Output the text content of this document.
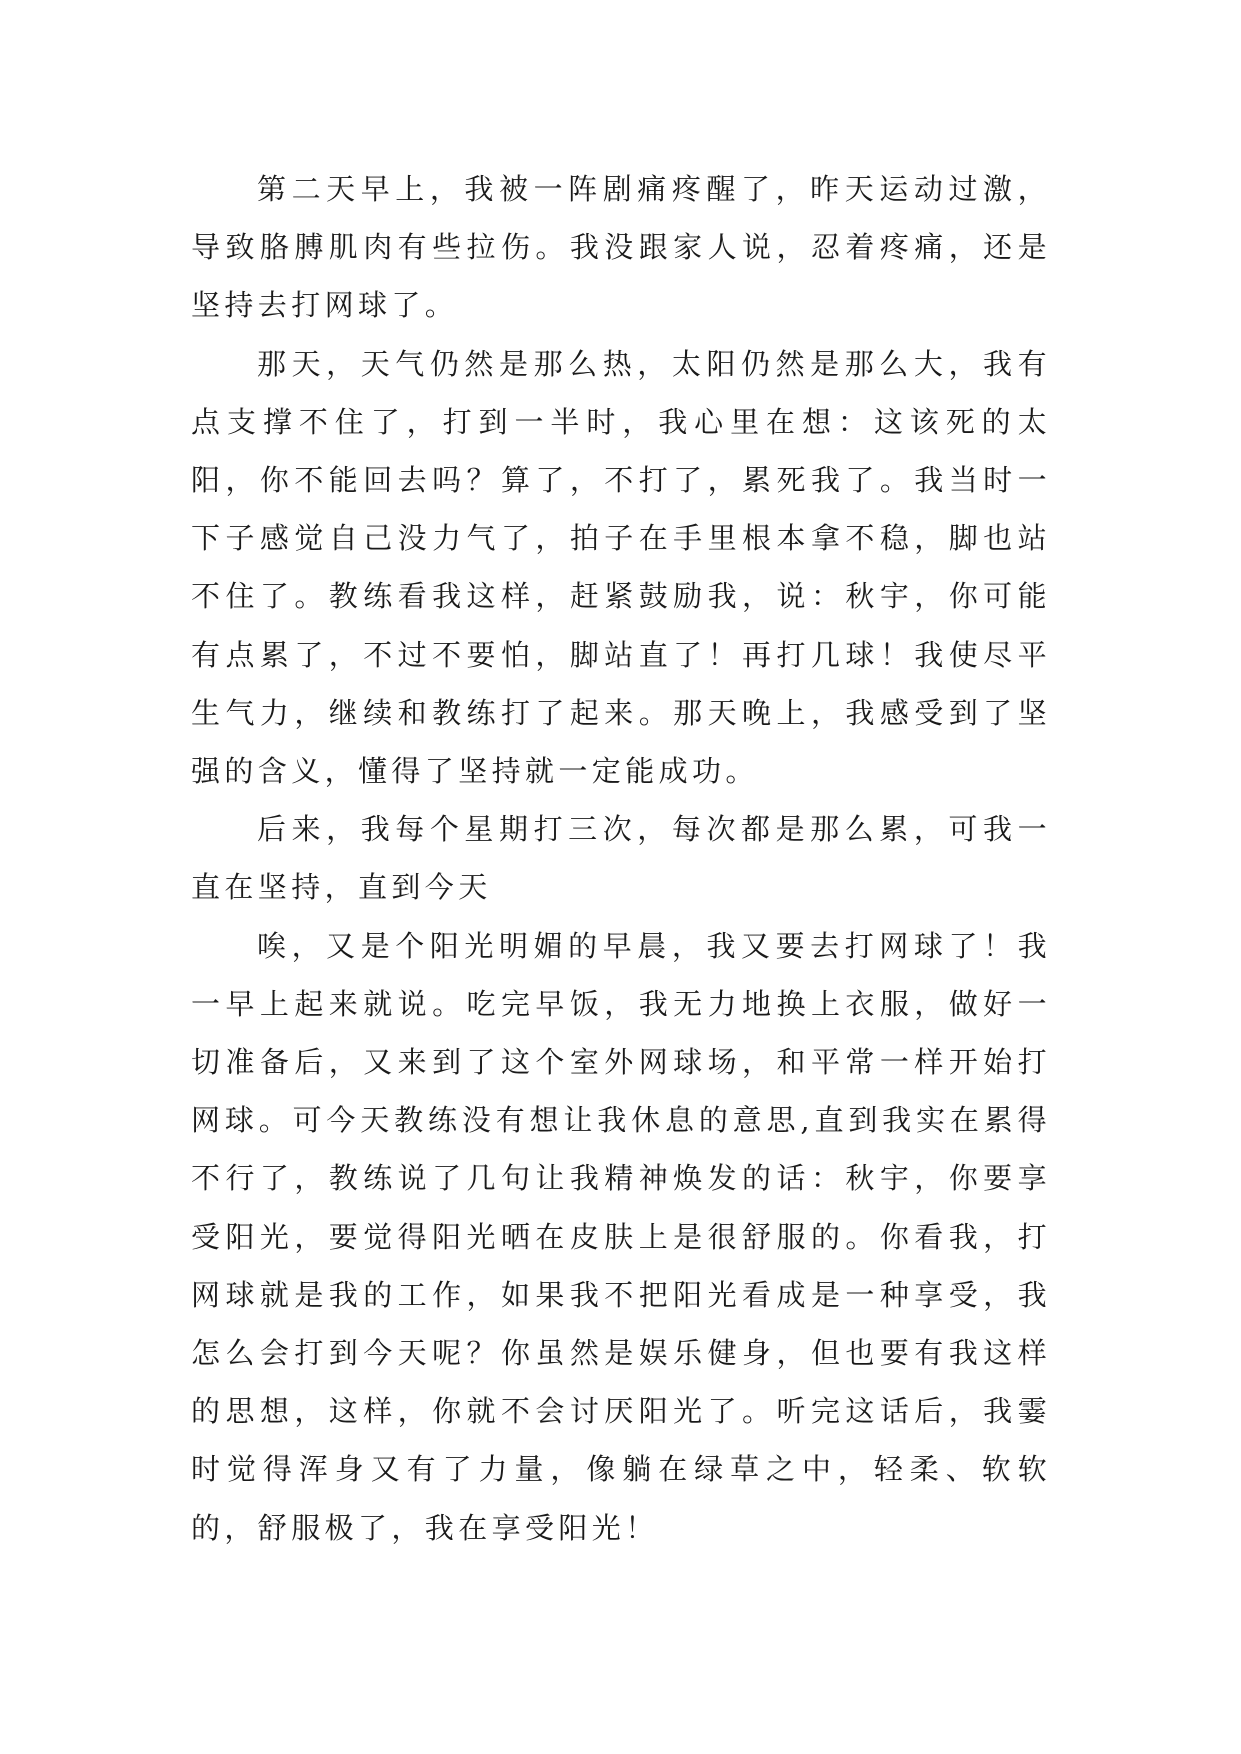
第二天早上，我被一阵剧痛疼醒了，昨天运动过激，导致胳膊肌肉有些拉伤。我没跟家人说，忍着疼痛，还是坚持去打网球了。

那天，天气仍然是那么热，太阳仍然是那么大，我有点支撑不住了，打到一半时，我心里在想：这该死的太阳，你不能回去吗？算了，不打了，累死我了。我当时一下子感觉自己没力气了，拍子在手里根本拿不稳，脚也站不住了。教练看我这样，赶紧鼓励我，说：秋宇，你可能有点累了，不过不要怕，脚站直了！再打几球！我使尽平生气力，继续和教练打了起来。那天晚上，我感受到了坚强的含义，懂得了坚持就一定能成功。

后来，我每个星期打三次，每次都是那么累，可我一直在坚持，直到今天

唉，又是个阳光明媚的早晨，我又要去打网球了！我一早上起来就说。吃完早饭，我无力地换上衣服，做好一切准备后，又来到了这个室外网球场，和平常一样开始打网球。可今天教练没有想让我休息的意思,直到我实在累得不行了，教练说了几句让我精神焕发的话：秋宇，你要享受阳光，要觉得阳光晒在皮肤上是很舒服的。你看我，打网球就是我的工作，如果我不把阳光看成是一种享受，我怎么会打到今天呢？你虽然是娱乐健身，但也要有我这样的思想，这样，你就不会讨厌阳光了。听完这话后，我霎时觉得浑身又有了力量，像躺在绿草之中，轻柔、软软的，舒服极了，我在享受阳光！
